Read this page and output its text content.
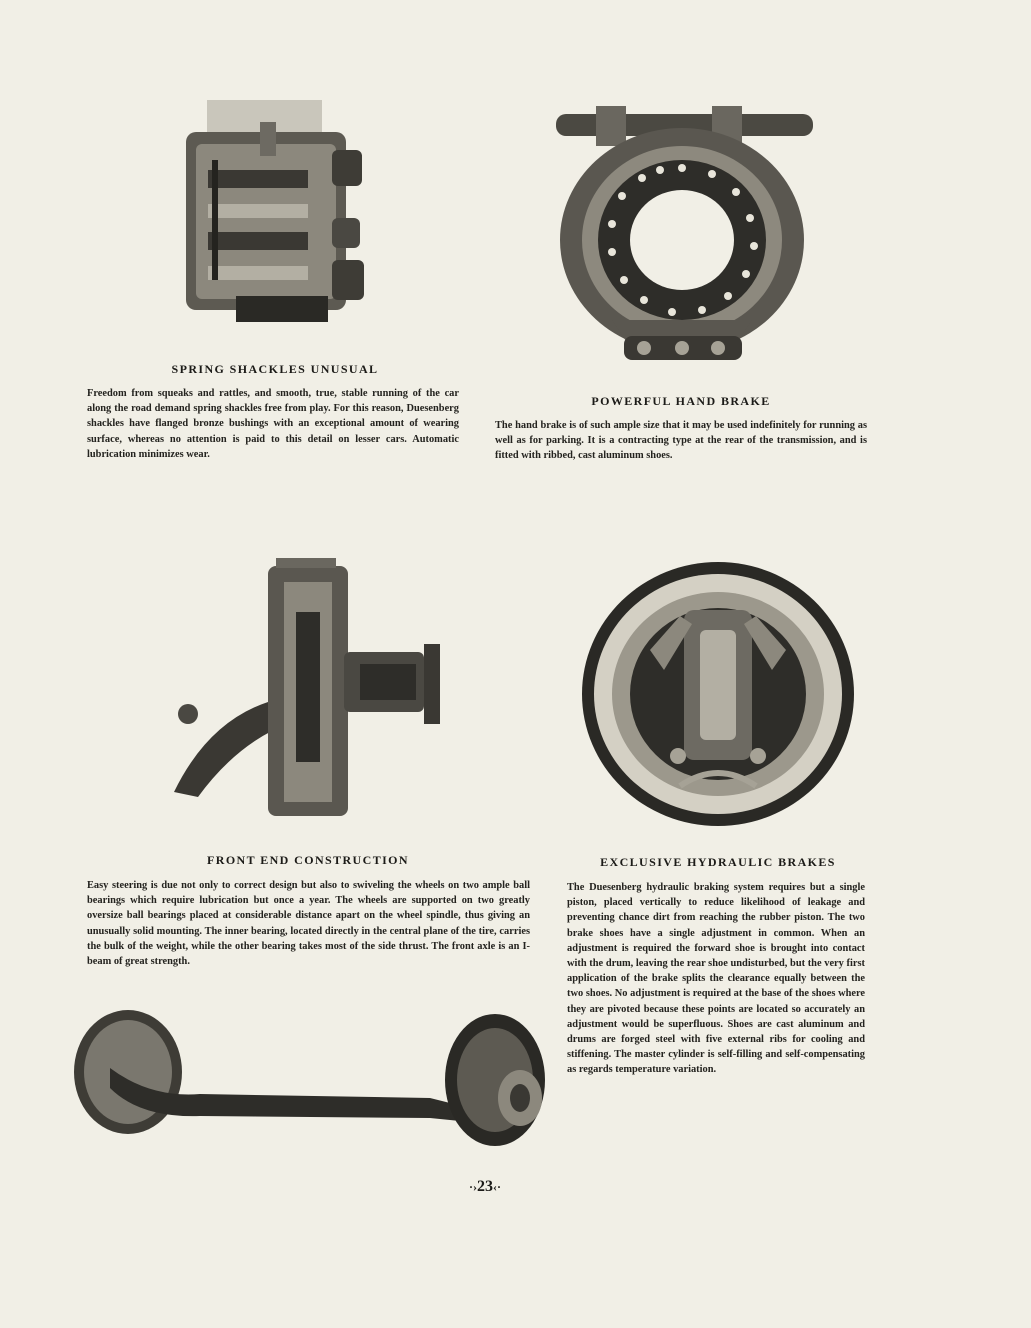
SPRING SHACKLES UNUSUAL
Freedom from squeaks and rattles, and smooth, true, stable running of the car along the road demand spring shackles free from play. For this reason, Duesenberg shackles have flanged bronze bushings with an exceptional amount of wearing surface, whereas no attention is paid to this detail on lesser cars. Automatic lubrication minimizes wear.
POWERFUL HAND BRAKE
The hand brake is of such ample size that it may be used indefinitely for running as well as for parking. It is a contracting type at the rear of the transmission, and is fitted with ribbed, cast aluminum shoes.
FRONT END CONSTRUCTION
Easy steering is due not only to correct design but also to swiveling the wheels on two ample ball bearings which require lubrication but once a year. The wheels are supported on two greatly oversize ball bearings placed at considerable distance apart on the wheel spindle, thus giving an unusually solid mounting. The inner bearing, located directly in the central plane of the tire, carries the bulk of the weight, while the other bearing takes most of the side thrust. The front axle is an I-beam of great strength.
EXCLUSIVE HYDRAULIC BRAKES
The Duesenberg hydraulic braking system requires but a single piston, placed vertically to reduce likelihood of leakage and preventing chance dirt from reaching the rubber piston. The two brake shoes have a single adjustment in common. When an adjustment is required the forward shoe is brought into contact with the drum, leaving the rear shoe undisturbed, but the very first application of the brake splits the clearance equally between the two shoes. No adjustment is required at the base of the shoes where they are pivoted because these points are located so accurately an adjustment would be superfluous. Shoes are cast aluminum and drums are forged steel with five external ribs for cooling and stiffening. The master cylinder is self-filling and self-compensating as regards temperature variation.
·›23‹·
